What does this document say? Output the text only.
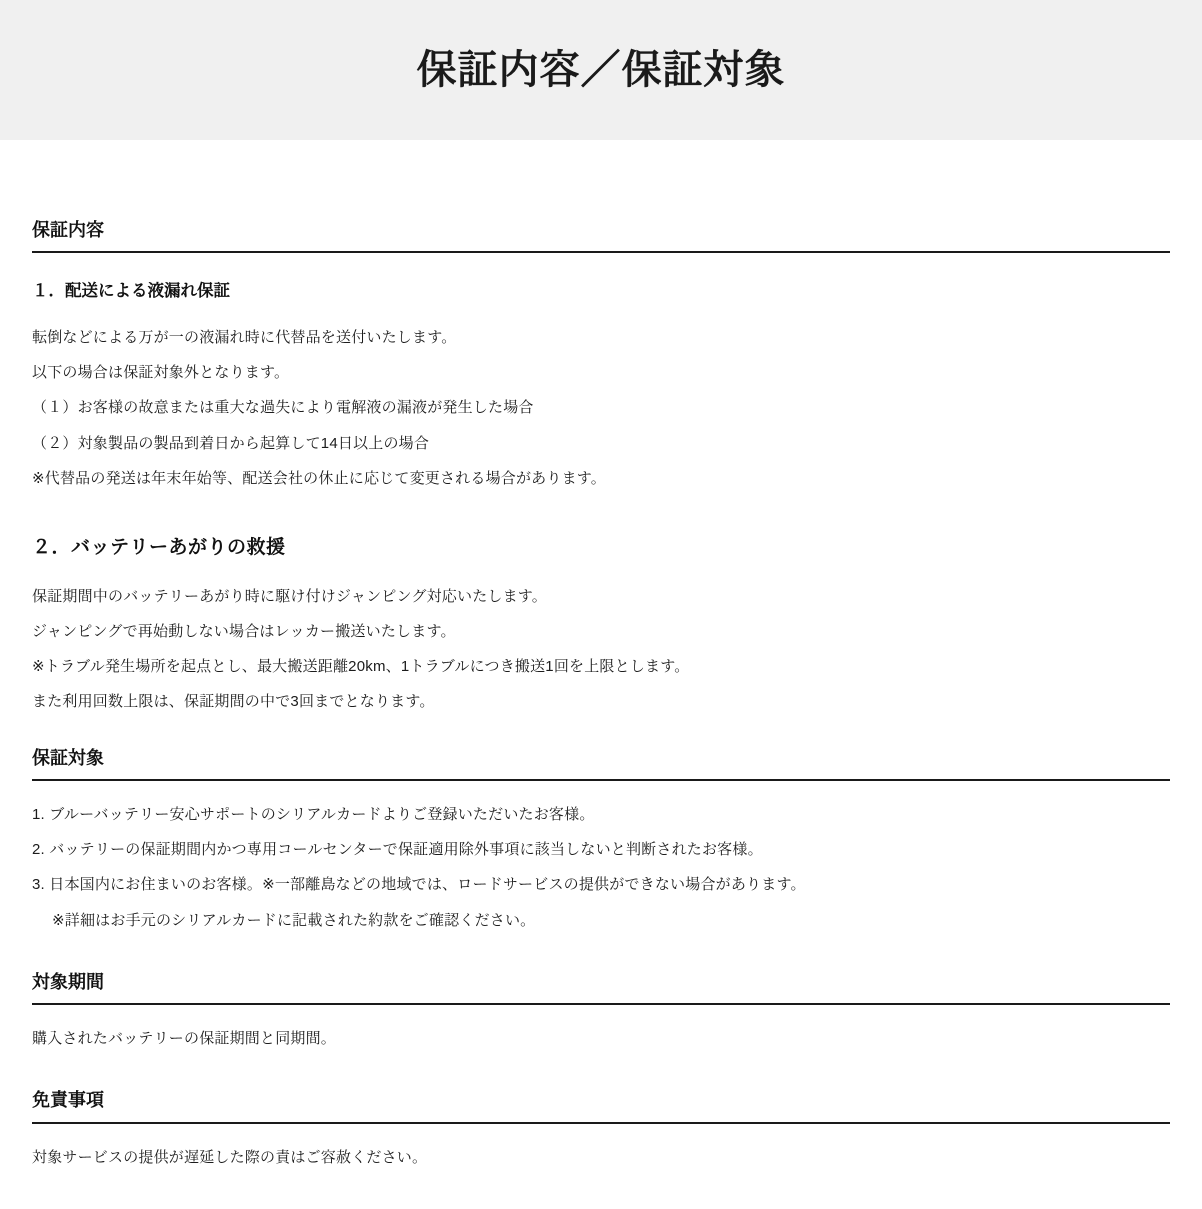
保証内容／保証対象
保証内容
１．配送による液漏れ保証

転倒などによる万が一の液漏れ時に代替品を送付いたします。

以下の場合は保証対象外となります。

（１）お客様の故意または重大な過失により電解液の漏液が発生した場合

（２）対象製品の製品到着日から起算して14日以上の場合

※代替品の発送は年末年始等、配送会社の休止に応じて変更される場合があります。

２．バッテリーあがりの救援

保証期間中のバッテリーあがり時に駆け付けジャンピング対応いたします。

ジャンピングで再始動しない場合はレッカー搬送いたします。

※トラブル発生場所を起点とし、最大搬送距離20km、1トラブルにつき搬送1回を上限とします。

また利用回数上限は、保証期間の中で3回までとなります。

保証対象

1. ブルーバッテリー安心サポートのシリアルカードよりご登録いただいたお客様。

2. バッテリーの保証期間内かつ専用コールセンターで保証適用除外事項に該当しないと判断されたお客様。

3. 日本国内にお住まいのお客様。※一部離島などの地域では、ロードサービスの提供ができない場合があります。

※詳細はお手元のシリアルカードに記載された約款をご確認ください。

対象期間

購入されたバッテリーの保証期間と同期間。

免責事項

対象サービスの提供が遅延した際の責はご容赦ください。
